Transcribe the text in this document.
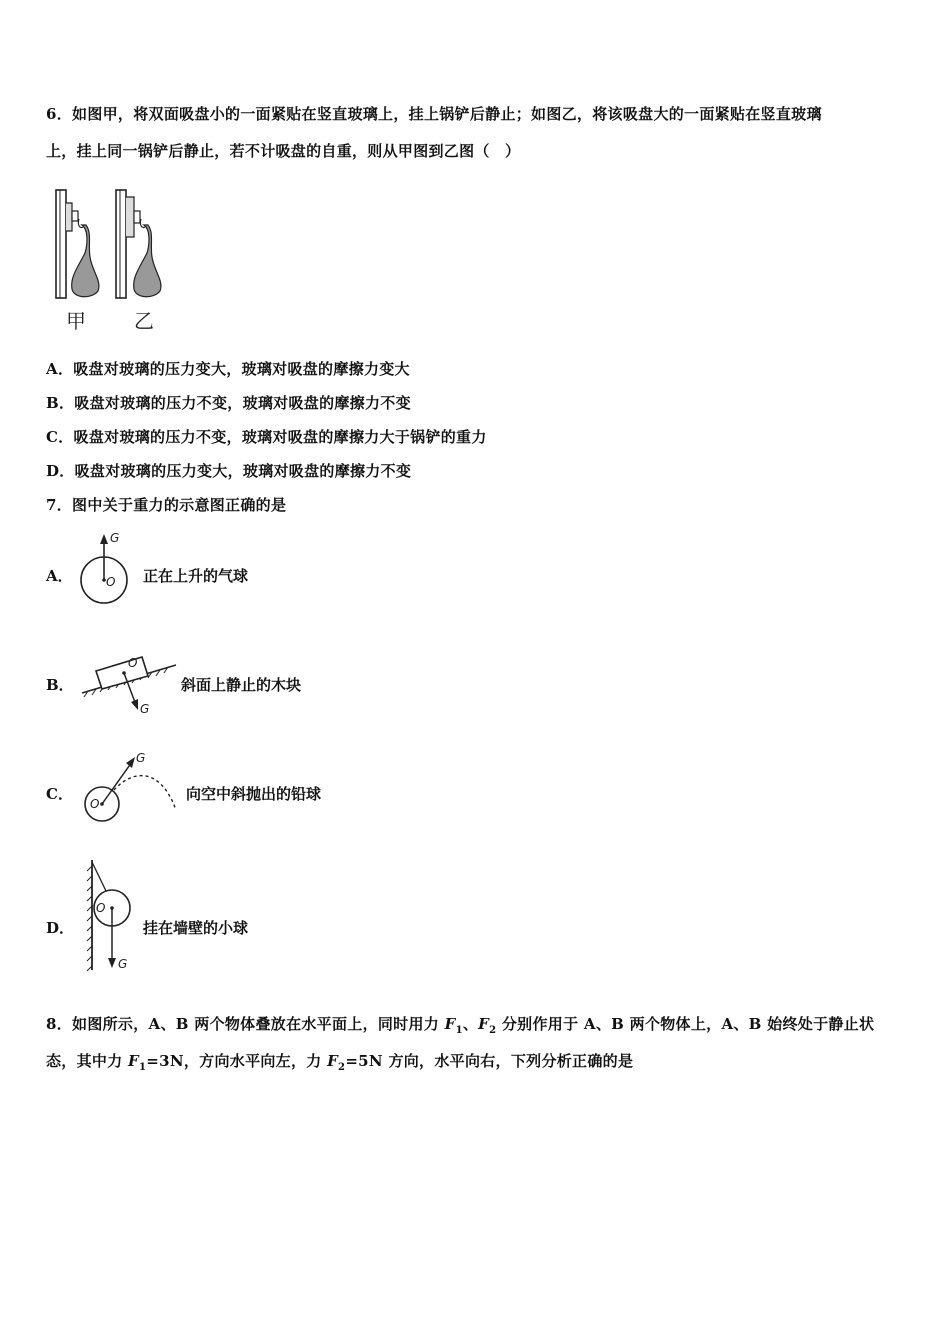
6．如图甲，将双面吸盘小的一面紧贴在竖直玻璃上，挂上锅铲后静止；如图乙，将该吸盘大的一面紧贴在竖直玻璃
上，挂上同一锅铲后静止，若不计吸盘的自重，则从甲图到乙图（　）
甲 乙
A．吸盘对玻璃的压力变大，玻璃对吸盘的摩擦力变大
B．吸盘对玻璃的压力不变，玻璃对吸盘的摩擦力不变
C．吸盘对玻璃的压力不变，玻璃对吸盘的摩擦力大于锅铲的重力
D．吸盘对玻璃的压力变大，玻璃对吸盘的摩擦力不变
7．图中关于重力的示意图正确的是
A．
G
O 正在上升的气球
B．
O
G
斜面上静止的木块
C．
G
O
向空中斜抛出的铅球
D．
O
G
挂在墙壁的小球
8．如图所示，A、B 两个物体叠放在水平面上，同时用力 $F_1$、$F_2$ 分别作用于 A、B 两个物体上，A、B 始终处于静止状
态，其中力 $F_1=3N$，方向水平向左，力 $F_2=5N$ 方向，水平向右，下列分析正确的是
